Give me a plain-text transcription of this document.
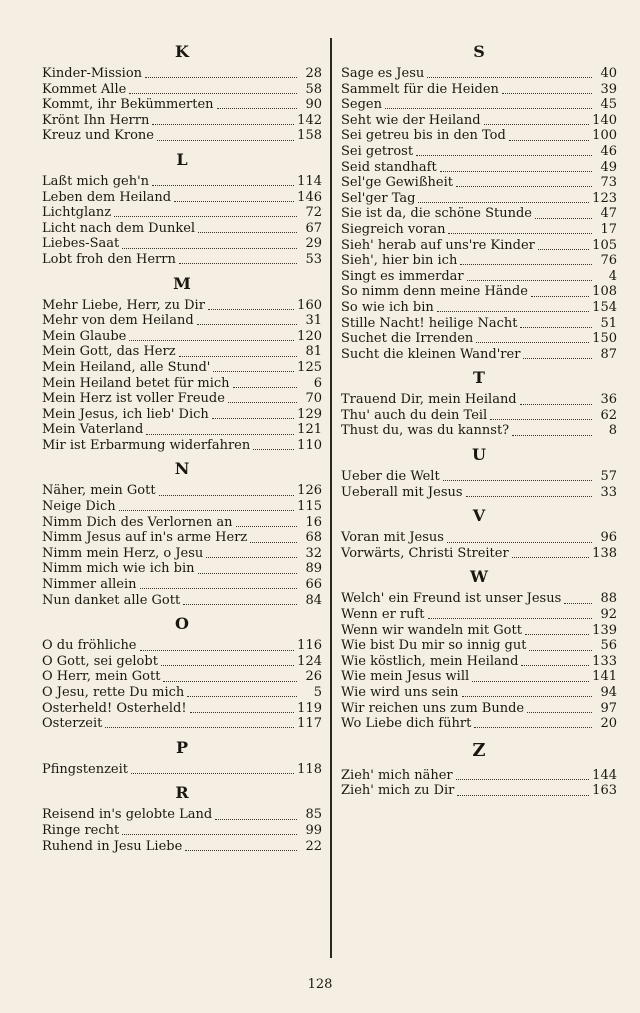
K
Kinder-Mission	28
Kommet Alle	58
Kommt, ihr Bekümmerten	90
Krönt Ihn Herrn	142
Kreuz und Krone	158
L
Laßt mich geh'n	114
Leben dem Heiland	146
Lichtglanz	72
Licht nach dem Dunkel	67
Liebes-Saat	29
Lobt froh den Herrn	53
M
Mehr Liebe, Herr, zu Dir	160
Mehr von dem Heiland	31
Mein Glaube	120
Mein Gott, das Herz	81
Mein Heiland, alle Stund'	125
Mein Heiland betet für mich	6
Mein Herz ist voller Freude	70
Mein Jesus, ich lieb' Dich	129
Mein Vaterland	121
Mir ist Erbarmung widerfahren	110
N
Näher, mein Gott	126
Neige Dich	115
Nimm Dich des Verlornen an	16
Nimm Jesus auf in's arme Herz	68
Nimm mein Herz, o Jesu	32
Nimm mich wie ich bin	89
Nimmer allein	66
Nun danket alle Gott	84
O
O du fröhliche	116
O Gott, sei gelobt	124
O Herr, mein Gott	26
O Jesu, rette Du mich	5
Osterheld! Osterheld!	119
Osterzeit	117
P
Pfingstenzeit	118
R
Reisend in's gelobte Land	85
Ringe recht	99
Ruhend in Jesu Liebe	22
S
Sage es Jesu	40
Sammelt für die Heiden	39
Segen	45
Seht wie der Heiland	140
Sei getreu bis in den Tod	100
Sei getrost	46
Seid standhaft	49
Sel'ge Gewißheit	73
Sel'ger Tag	123
Sie ist da, die schöne Stunde	47
Siegreich voran	17
Sieh' herab auf uns're Kinder	105
Sieh', hier bin ich	76
Singt es immerdar	4
So nimm denn meine Hände	108
So wie ich bin	154
Stille Nacht! heilige Nacht	51
Suchet die Irrenden	150
Sucht die kleinen Wand'rer	87
T
Trauend Dir, mein Heiland	36
Thu' auch du dein Teil	62
Thust du, was du kannst?	8
U
Ueber die Welt	57
Ueberall mit Jesus	33
V
Voran mit Jesus	96
Vorwärts, Christi Streiter	138
W
Welch' ein Freund ist unser Jesus	88
Wenn er ruft	92
Wenn wir wandeln mit Gott	139
Wie bist Du mir so innig gut	56
Wie köstlich, mein Heiland	133
Wie mein Jesus will	141
Wie wird uns sein	94
Wir reichen uns zum Bunde	97
Wo Liebe dich führt	20
Z
Zieh' mich näher	144
Zieh' mich zu Dir	163
128
